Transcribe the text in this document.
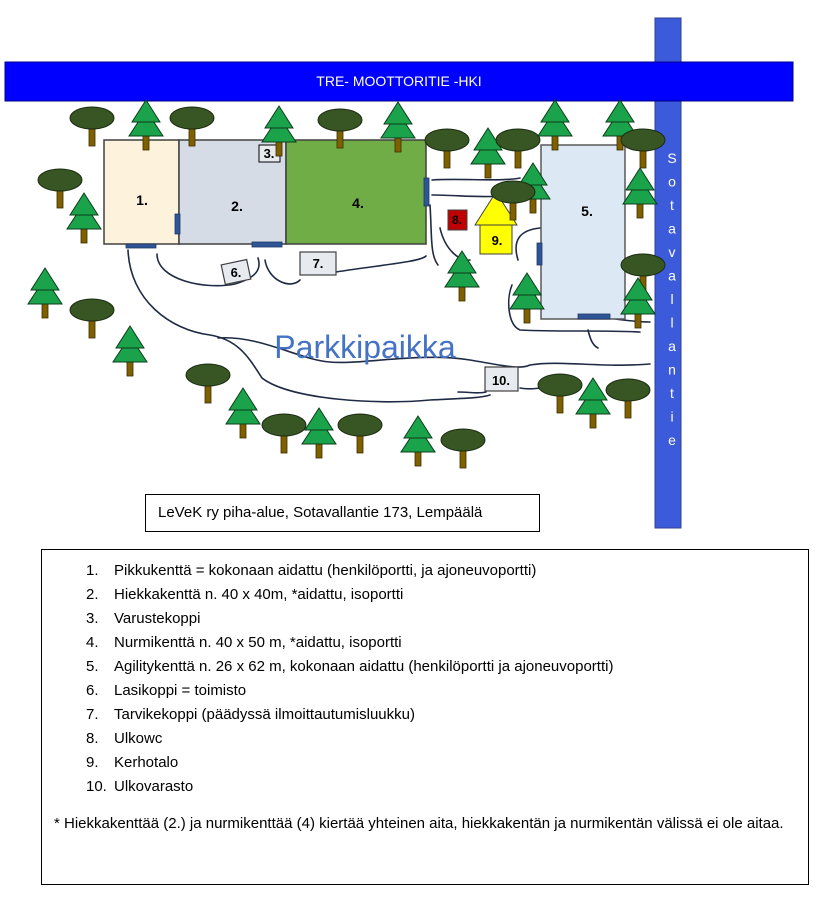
TRE- MOOTTORITIE -HKI
S
o
t
a
v
a
l
l
a
n
t
i
e
1.	2.
3.
4.	5.
6.
7.
8.
9.
10.
Parkkipaikka
LeVeK ry piha-alue, Sotavallantie 173, Lempäälä
1. Pikkukenttä = kokonaan aidattu (henkilöportti, ja ajoneuvoportti)
2. Hiekkakenttä n. 40 x 40m, *aidattu, isoportti
3. Varustekoppi
4. Nurmikenttä n. 40 x 50 m, *aidattu, isoportti
5. Agilitykenttä n. 26 x 62 m, kokonaan aidattu (henkilöportti ja ajoneuvoportti)
6. Lasikoppi = toimisto
7. Tarvikekoppi (päädyssä ilmoittautumisluukku)
8. Ulkowc
9. Kerhotalo
10. Ulkovarasto
* Hiekkakenttää (2.) ja nurmikenttää (4) kiertää yhteinen aita, hiekkakentän ja nurmikentän välissä ei ole aitaa.
